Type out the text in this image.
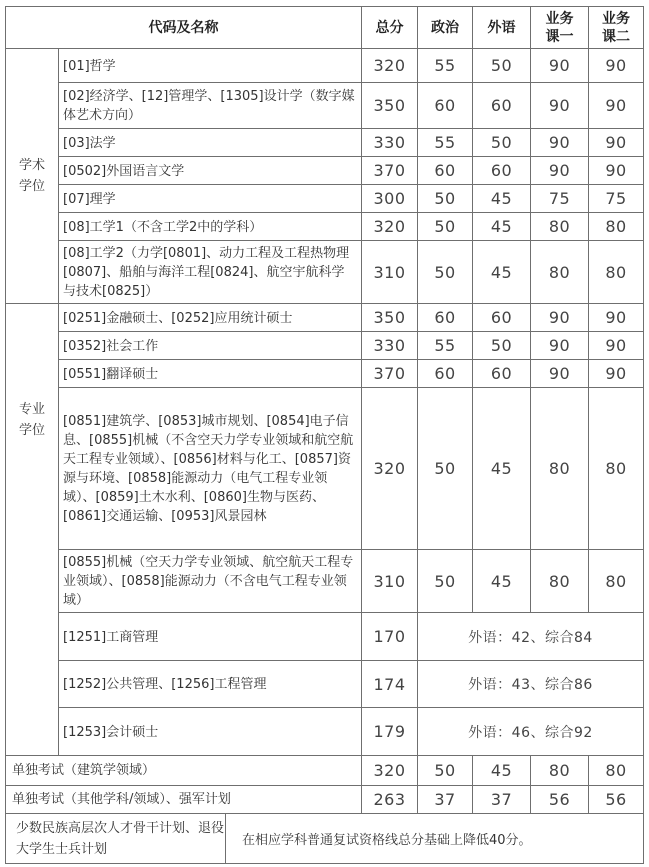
代码及名称		总分	政治	外语	业务课一	业务课二
学术学位	[01]哲学	320	55	50	90	90
	[02]经济学、[12]管理学、[1305]设计学（数字媒体艺术方向）	350	60	60	90	90
	[03]法学	330	55	50	90	90
	[0502]外国语言文学	370	60	60	90	90
	[07]理学	300	50	45	75	75
	[08]工学1（不含工学2中的学科）	320	50	45	80	80
	[08]工学2（力学[0801]、动力工程及工程热物理[0807]、船舶与海洋工程[0824]、航空宇航科学与技术[0825]）	310	50	45	80	80
专业学位	[0251]金融硕士、[0252]应用统计硕士	350	60	60	90	90
	[0352]社会工作	330	55	50	90	90
	[0551]翻译硕士	370	60	60	90	90
	[0851]建筑学、[0853]城市规划、[0854]电子信息、[0855]机械（不含空天力学专业领域和航空航天工程专业领域）、[0856]材料与化工、[0857]资源与环境、[0858]能源动力（电气工程专业领域）、[0859]土木水利、[0860]生物与医药、[0861]交通运输、[0953]风景园林	320	50	45	80	80
	[0855]机械（空天力学专业领域、航空航天工程专业领域）、[0858]能源动力（不含电气工程专业领域）	310	50	45	80	80
	[1251]工商管理	170	外语：42、综合84			
	[1252]公共管理、[1256]工程管理	174	外语：43、综合86			
	[1253]会计硕士	179	外语：46、综合92			
单独考试（建筑学领域）		320	50	45	80	80
单独考试（其他学科/领域）、强军计划		263	37	37	56	56
少数民族高层次人才骨干计划、退役大学生士兵计划	在相应学科普通复试资格线总分基础上降低40分。
